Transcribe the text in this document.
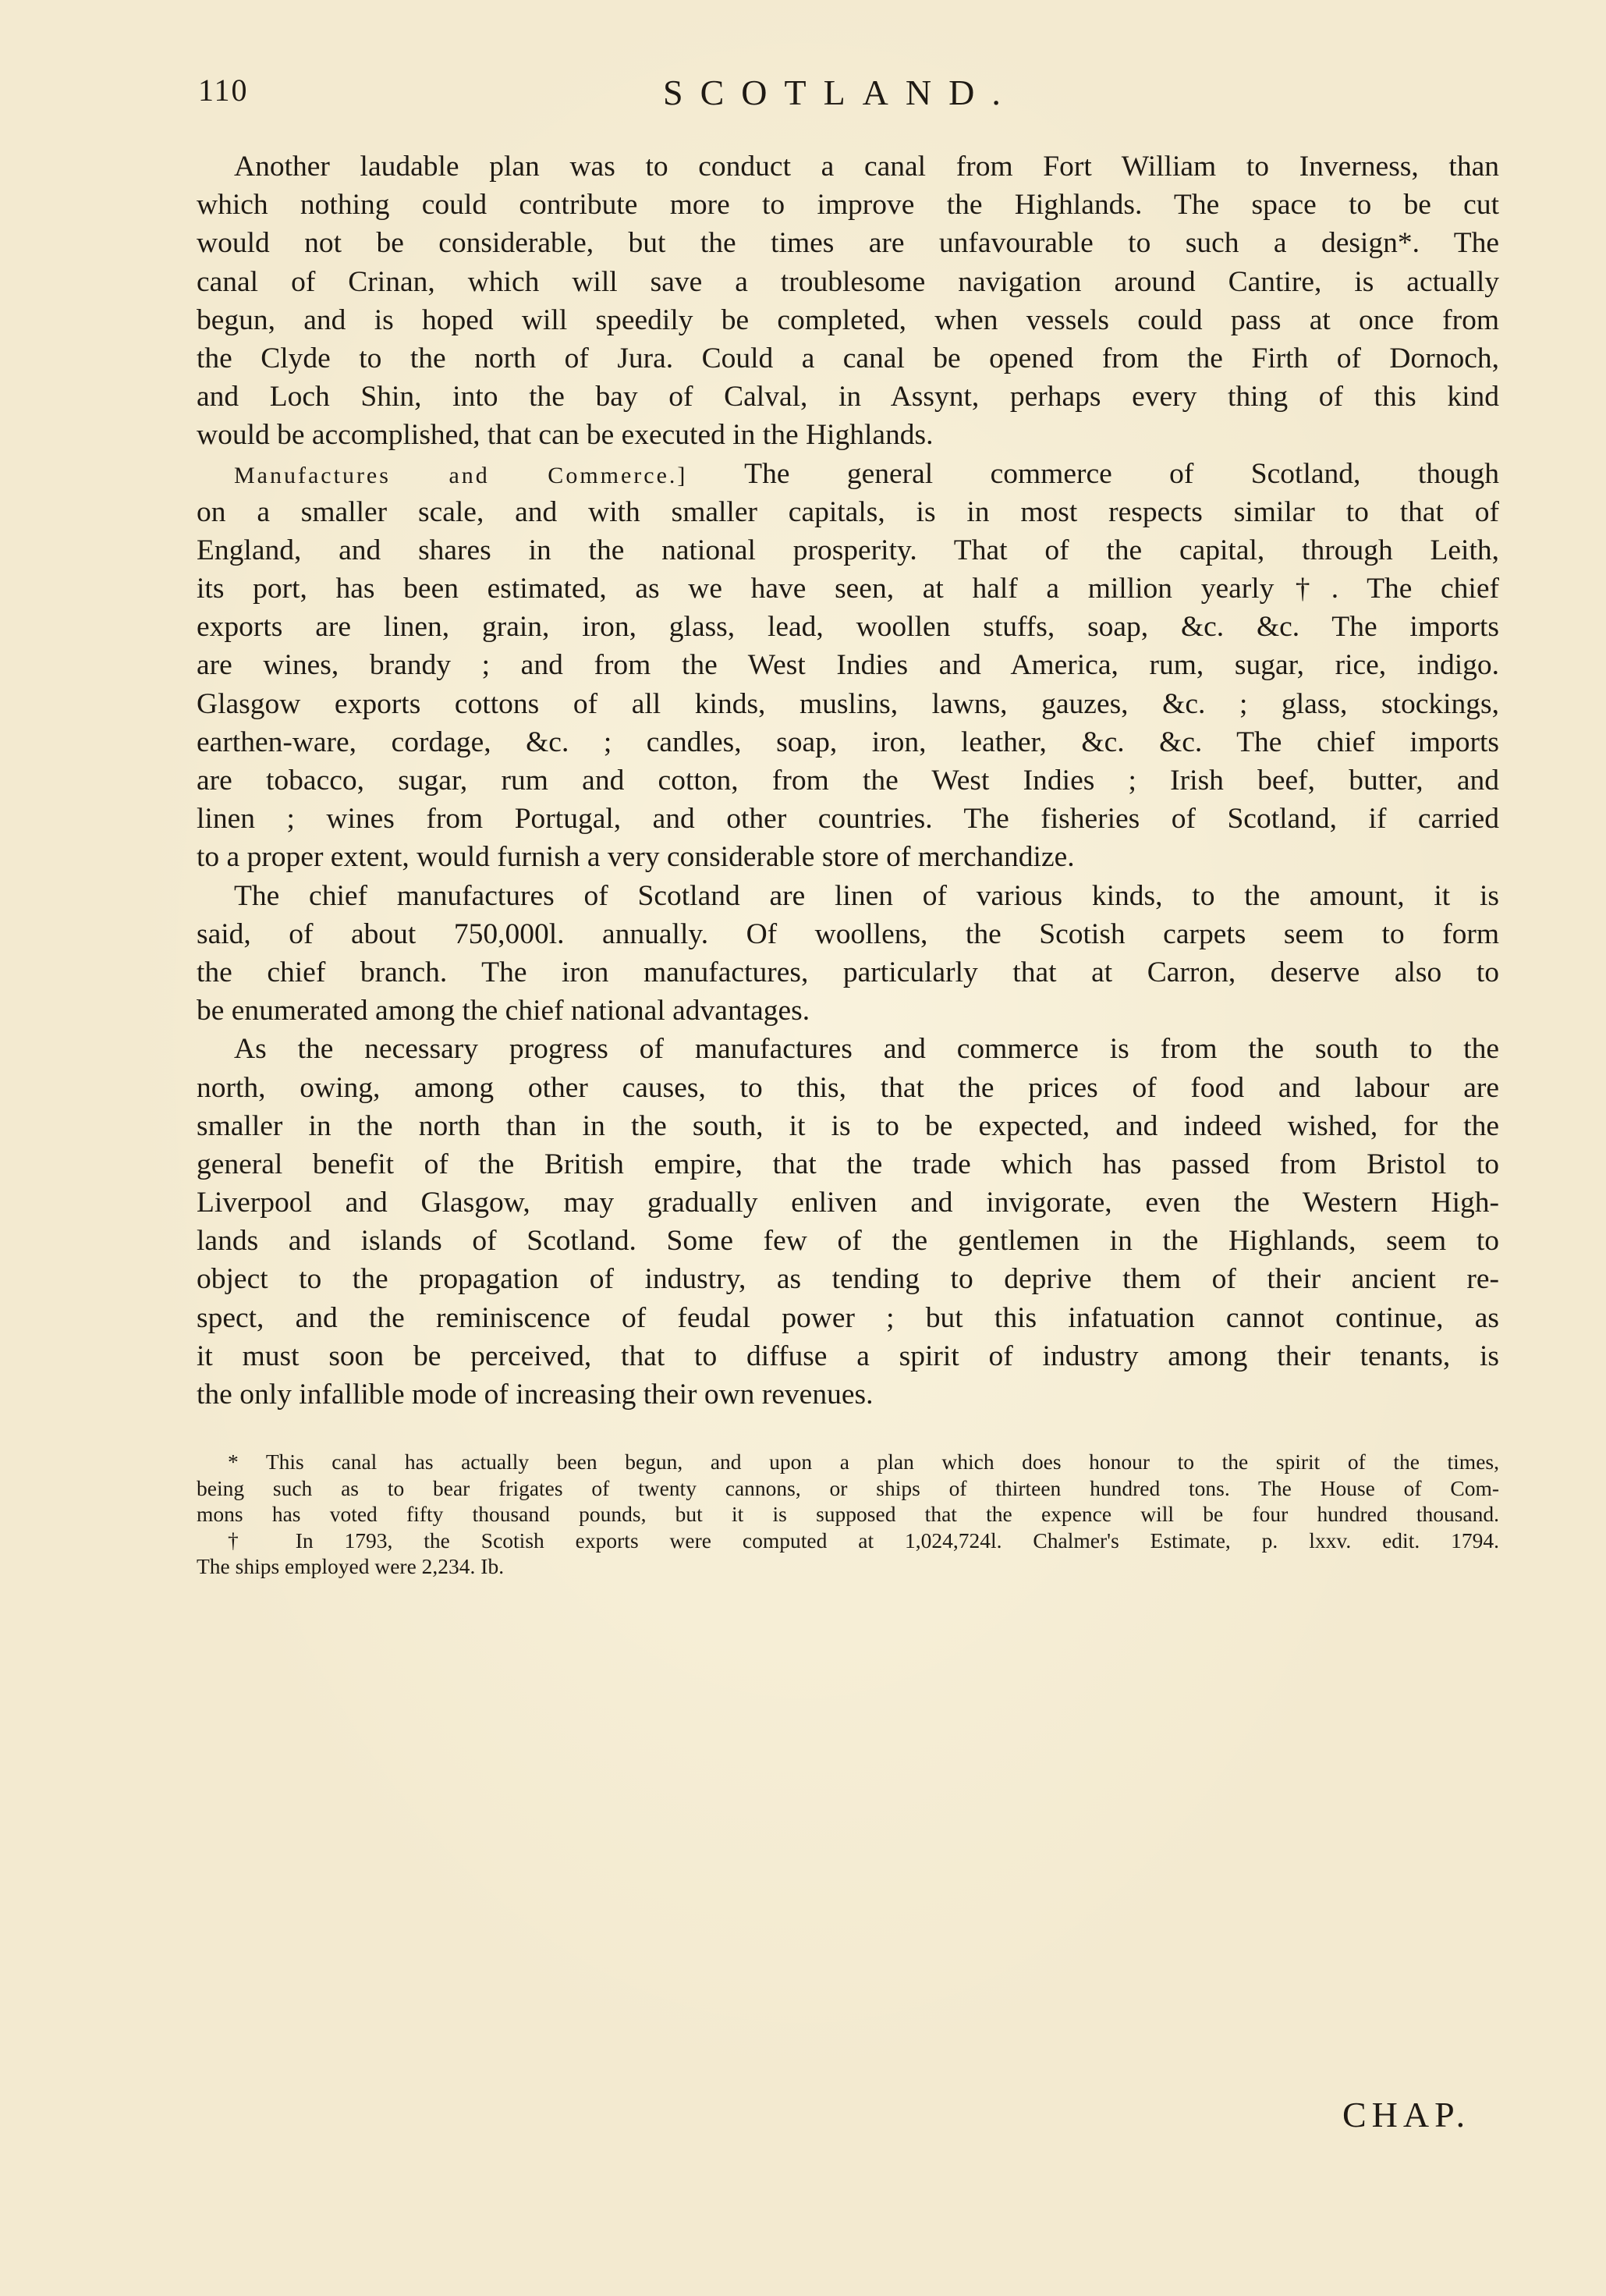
110	SCOTLAND.
Another laudable plan was to conduct a canal from Fort William to Inverness, than
which nothing could contribute more to improve the Highlands. The space to be cut
would not be considerable, but the times are unfavourable to such a design*. The
canal of Crinan, which will save a troublesome navigation around Cantire, is actually
begun, and is hoped will speedily be completed, when vessels could pass at once from
the Clyde to the north of Jura. Could a canal be opened from the Firth of Dornoch,
and Loch Shin, into the bay of Calval, in Assynt, perhaps every thing of this kind
would be accomplished, that can be executed in the Highlands.
Manufactures and Commerce.] The general commerce of Scotland, though
on a smaller scale, and with smaller capitals, is in most respects similar to that of
England, and shares in the national prosperity. That of the capital, through Leith,
its port, has been estimated, as we have seen, at half a million yearly†. The chief
exports are linen, grain, iron, glass, lead, woollen stuffs, soap, &c. &c. The imports
are wines, brandy ; and from the West Indies and America, rum, sugar, rice, indigo.
Glasgow exports cottons of all kinds, muslins, lawns, gauzes, &c. ; glass, stockings,
earthen-ware, cordage, &c. ; candles, soap, iron, leather, &c. &c. The chief imports
are tobacco, sugar, rum and cotton, from the West Indies ; Irish beef, butter, and
linen ; wines from Portugal, and other countries. The fisheries of Scotland, if carried
to a proper extent, would furnish a very considerable store of merchandize.
The chief manufactures of Scotland are linen of various kinds, to the amount, it is
said, of about 750,000l. annually. Of woollens, the Scotish carpets seem to form
the chief branch. The iron manufactures, particularly that at Carron, deserve also to
be enumerated among the chief national advantages.
As the necessary progress of manufactures and commerce is from the south to the
north, owing, among other causes, to this, that the prices of food and labour are
smaller in the north than in the south, it is to be expected, and indeed wished, for the
general benefit of the British empire, that the trade which has passed from Bristol to
Liverpool and Glasgow, may gradually enliven and invigorate, even the Western High-
lands and islands of Scotland. Some few of the gentlemen in the Highlands, seem to
object to the propagation of industry, as tending to deprive them of their ancient re-
spect, and the reminiscence of feudal power ; but this infatuation cannot continue, as
it must soon be perceived, that to diffuse a spirit of industry among their tenants, is
the only infallible mode of increasing their own revenues.
* This canal has actually been begun, and upon a plan which does honour to the spirit of the times,
being such as to bear frigates of twenty cannons, or ships of thirteen hundred tons. The House of Com-
mons has voted fifty thousand pounds, but it is supposed that the expence will be four hundred thousand.
† In 1793, the Scotish exports were computed at 1,024,724l. Chalmer's Estimate, p. lxxv. edit. 1794.
The ships employed were 2,234. Ib.
CHAP.
